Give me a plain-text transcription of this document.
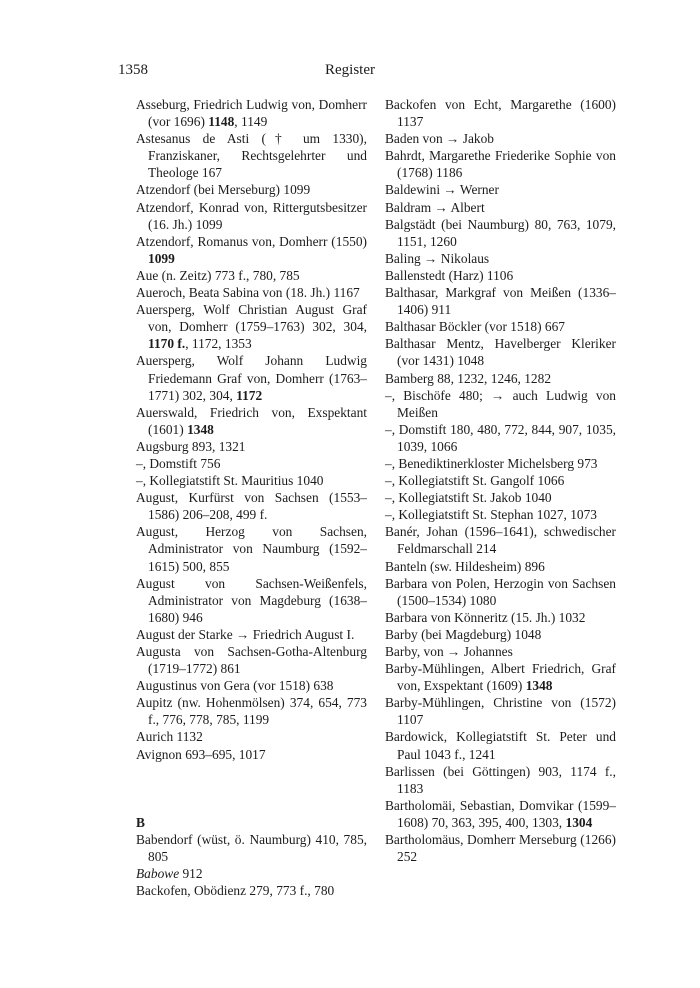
1358	Register
Asseburg, Friedrich Ludwig von, Domherr (vor 1696) 1148, 1149
Astesanus de Asti († um 1330), Franziskaner, Rechtsgelehrter und Theologe 167
Atzendorf (bei Merseburg) 1099
Atzendorf, Konrad von, Rittergutsbesitzer (16. Jh.) 1099
Atzendorf, Romanus von, Domherr (1550) 1099
Aue (n. Zeitz) 773 f., 780, 785
Aueroch, Beata Sabina von (18. Jh.) 1167
Auersperg, Wolf Christian August Graf von, Domherr (1759–1763) 302, 304, 1170 f., 1172, 1353
Auersperg, Wolf Johann Ludwig Friedemann Graf von, Domherr (1763–1771) 302, 304, 1172
Auerswald, Friedrich von, Exspektant (1601) 1348
Augsburg 893, 1321
–, Domstift 756
–, Kollegiatstift St. Mauritius 1040
August, Kurfürst von Sachsen (1553–1586) 206–208, 499 f.
August, Herzog von Sachsen, Administrator von Naumburg (1592–1615) 500, 855
August von Sachsen-Weißenfels, Administrator von Magdeburg (1638–1680) 946
August der Starke → Friedrich August I.
Augusta von Sachsen-Gotha-Altenburg (1719–1772) 861
Augustinus von Gera (vor 1518) 638
Aupitz (nw. Hohenmölsen) 374, 654, 773 f., 776, 778, 785, 1199
Aurich 1132
Avignon 693–695, 1017
B
Babendorf (wüst, ö. Naumburg) 410, 785, 805
Babowe 912
Backofen, Obödienz 279, 773 f., 780
Backofen von Echt, Margarethe (1600) 1137
Baden von → Jakob
Bahrdt, Margarethe Friederike Sophie von (1768) 1186
Baldewini → Werner
Baldram → Albert
Balgstädt (bei Naumburg) 80, 763, 1079, 1151, 1260
Baling → Nikolaus
Ballenstedt (Harz) 1106
Balthasar, Markgraf von Meißen (1336–1406) 911
Balthasar Böckler (vor 1518) 667
Balthasar Mentz, Havelberger Kleriker (vor 1431) 1048
Bamberg 88, 1232, 1246, 1282
–, Bischöfe 480; → auch Ludwig von Meißen
–, Domstift 180, 480, 772, 844, 907, 1035, 1039, 1066
–, Benediktinerkloster Michelsberg 973
–, Kollegiatstift St. Gangolf 1066
–, Kollegiatstift St. Jakob 1040
–, Kollegiatstift St. Stephan 1027, 1073
Banér, Johan (1596–1641), schwedischer Feldmarschall 214
Banteln (sw. Hildesheim) 896
Barbara von Polen, Herzogin von Sachsen (1500–1534) 1080
Barbara von Könneritz (15. Jh.) 1032
Barby (bei Magdeburg) 1048
Barby, von → Johannes
Barby-Mühlingen, Albert Friedrich, Graf von, Exspektant (1609) 1348
Barby-Mühlingen, Christine von (1572) 1107
Bardowick, Kollegiatstift St. Peter und Paul 1043 f., 1241
Barlissen (bei Göttingen) 903, 1174 f., 1183
Bartholomäi, Sebastian, Domvikar (1599–1608) 70, 363, 395, 400, 1303, 1304
Bartholomäus, Domherr Merseburg (1266) 252
